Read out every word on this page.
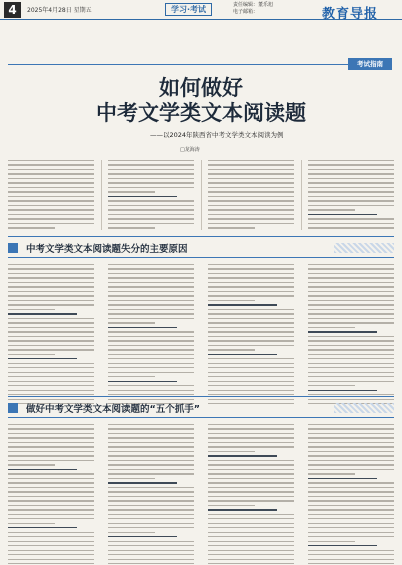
4	2025年4月28日 星期五	学习·考试	责任编辑：董乐旭
电子邮箱：	教育导报
考试指南
如何做好
中考文学类文本阅读题
——以2024年陕西省中考文学类文本阅读为例
□龙海涛
中考文学类文本阅读题失分的主要原因
做好中考文学类文本阅读题的“五个抓手”
